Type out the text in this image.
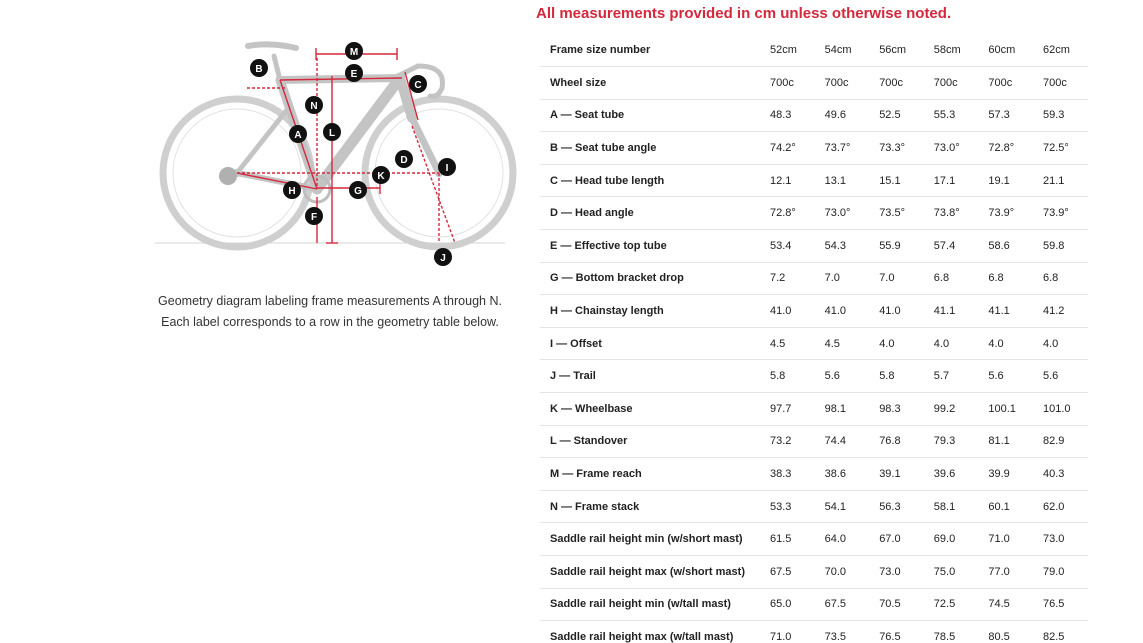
A
B
C
D
E
F
G
H
I
J
K
L
M
N
Geometry diagram labeling frame measurements A through N.
Each label corresponds to a row in the geometry table below.
All measurements provided in cm unless otherwise noted.
Frame size number	52cm	54cm	56cm	58cm	60cm	62cm
Wheel size	700c	700c	700c	700c	700c	700c
A — Seat tube	48.3	49.6	52.5	55.3	57.3	59.3
B — Seat tube angle	74.2°	73.7°	73.3°	73.0°	72.8°	72.5°
C — Head tube length	12.1	13.1	15.1	17.1	19.1	21.1
D — Head angle	72.8°	73.0°	73.5°	73.8°	73.9°	73.9°
E — Effective top tube	53.4	54.3	55.9	57.4	58.6	59.8
G — Bottom bracket drop	7.2	7.0	7.0	6.8	6.8	6.8
H — Chainstay length	41.0	41.0	41.0	41.1	41.1	41.2
I — Offset	4.5	4.5	4.0	4.0	4.0	4.0
J — Trail	5.8	5.6	5.8	5.7	5.6	5.6
K — Wheelbase	97.7	98.1	98.3	99.2	100.1	101.0
L — Standover	73.2	74.4	76.8	79.3	81.1	82.9
M — Frame reach	38.3	38.6	39.1	39.6	39.9	40.3
N — Frame stack	53.3	54.1	56.3	58.1	60.1	62.0
Saddle rail height min (w/short mast)	61.5	64.0	67.0	69.0	71.0	73.0
Saddle rail height max (w/short mast)	67.5	70.0	73.0	75.0	77.0	79.0
Saddle rail height min (w/tall mast)	65.0	67.5	70.5	72.5	74.5	76.5
Saddle rail height max (w/tall mast)	71.0	73.5	76.5	78.5	80.5	82.5
